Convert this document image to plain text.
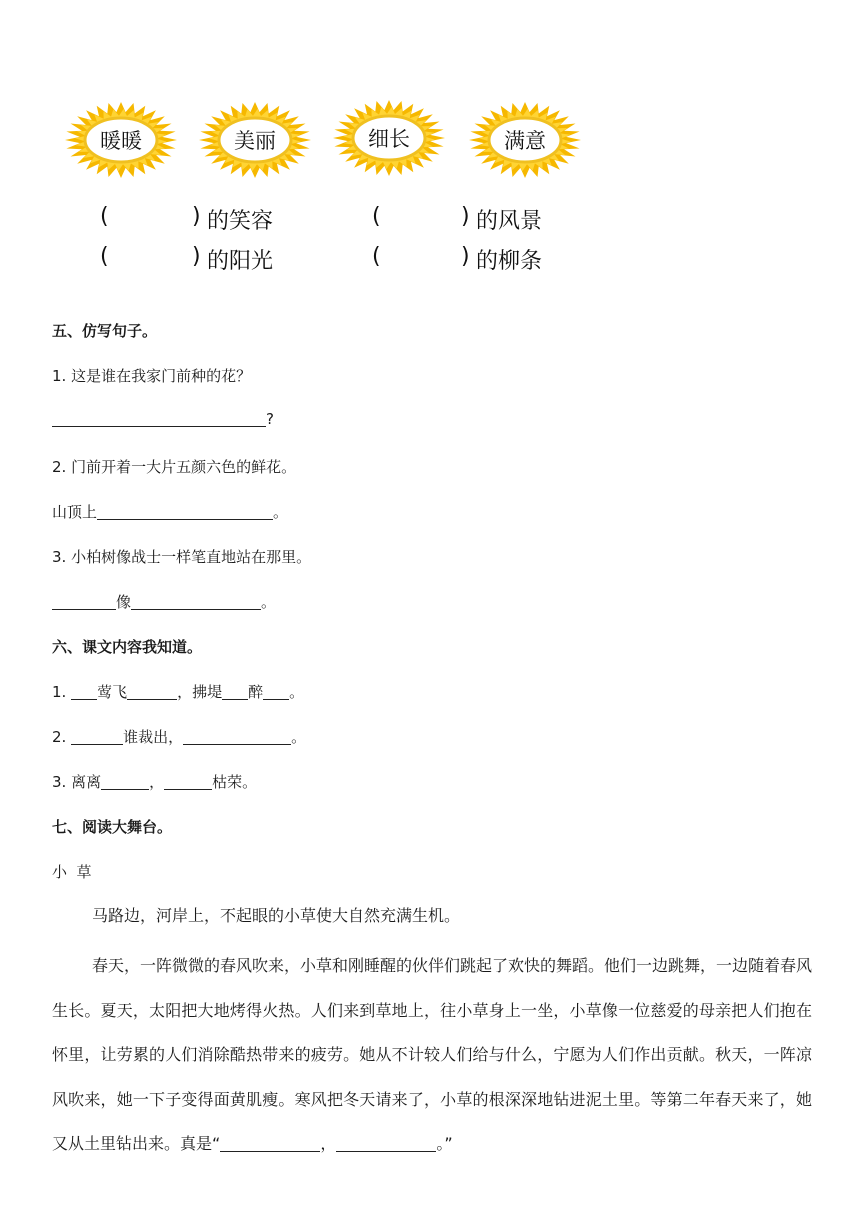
暖暖	美丽	细长	满意
(	) 的笑容	(	) 的风景
(	) 的阳光	(	) 的柳条
五、仿写句子。
1. 这是谁在我家门前种的花？
?
2. 门前开着一大片五颜六色的鲜花。
山顶上	。
3. 小柏树像战士一样笔直地站在那里。
像	。
六、课文内容我知道。
1. 莺飞	，拂堤 醉 。
2.	谁裁出，	。
3. 离离	，	枯荣。
七、阅读大舞台。
小  草
马路边，河岸上，不起眼的小草使大自然充满生机。
春天，一阵微微的春风吹来，小草和刚睡醒的伙伴们跳起了欢快的舞蹈。他们一边跳舞，一边随着春风生长。夏天，太阳把大地烤得火热。人们来到草地上，往小草身上一坐，小草像一位慈爱的母亲把人们抱在怀里，让劳累的人们消除酷热带来的疲劳。她从不计较人们给与什么，宁愿为人们作出贡献。秋天，一阵凉风吹来，她一下子变得面黄肌瘦。寒风把冬天请来了，小草的根深深地钻进泥土里。等第二年春天来了，她又从土里钻出来。真是“	，	。”
